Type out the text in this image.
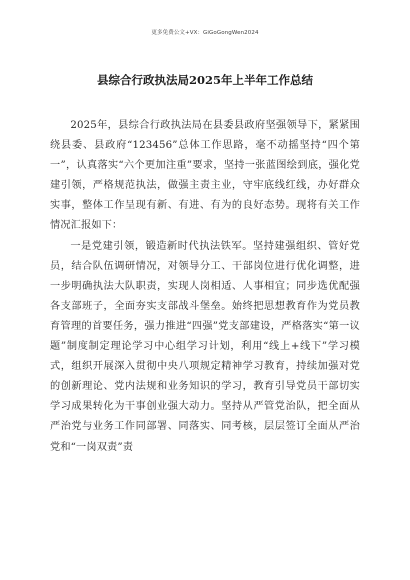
更多免费公文+VX：GiGoGongWen2024
县综合行政执法局2025年上半年工作总结

2025年，县综合行政执法局在县委县政府坚强领导下，紧紧围绕县委、县政府“123456”总体工作思路，毫不动摇坚持“四个第一”，认真落实“六个更加注重”要求，坚持一张蓝图绘到底，强化党建引领，严格规范执法，做强主责主业，守牢底线红线，办好群众实事，整体工作呈现有新、有进、有为的良好态势。现将有关工作情况汇报如下：

一是党建引领，锻造新时代执法铁军。坚持建强组织、管好党员，结合队伍调研情况，对领导分工、干部岗位进行优化调整，进一步明确执法大队职责，实现人岗相适、人事相宜；同步选优配强各支部班子，全面夯实支部战斗堡垒。始终把思想教育作为党员教育管理的首要任务，强力推进“四强”党支部建设，严格落实“第一议题”制度制定理论学习中心组学习计划，利用“线上+线下”学习模式，组织开展深入贯彻中央八项规定精神学习教育，持续加强对党的创新理论、党内法规和业务知识的学习，教育引导党员干部切实学习成果转化为干事创业强大动力。坚持从严管党治队，把全面从严治党与业务工作同部署、同落实、同考核，层层签订全面从严治党和“一岗双责”责
